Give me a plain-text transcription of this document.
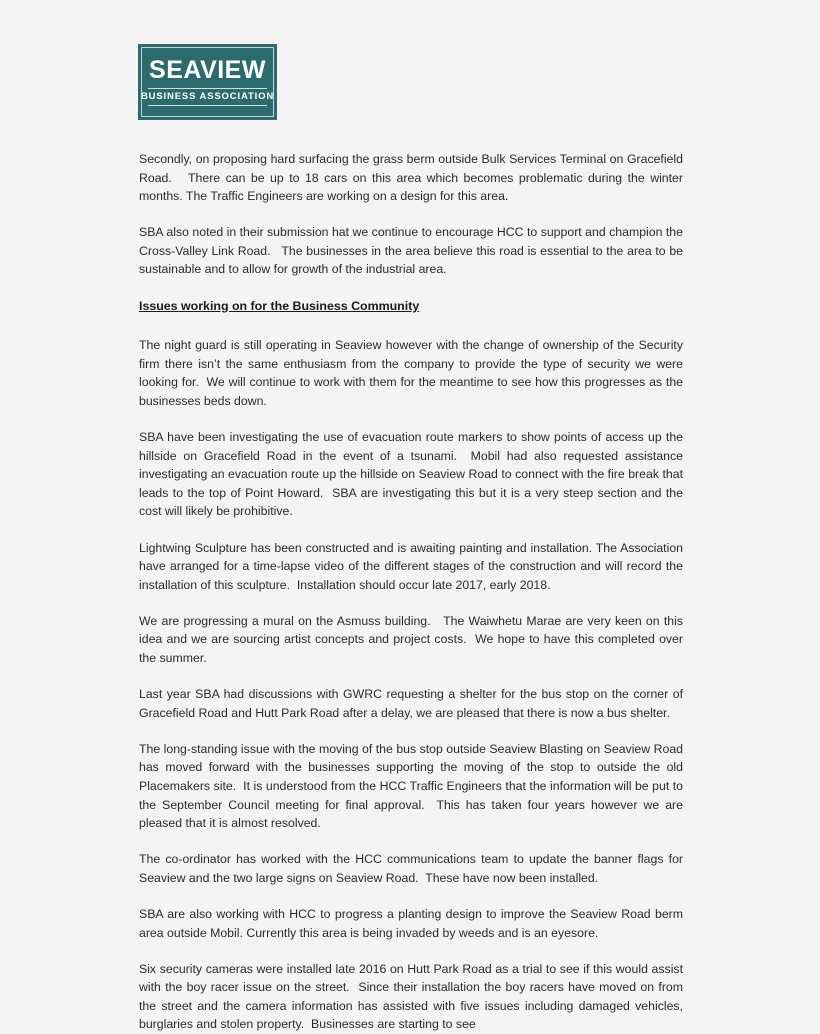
SEAVIEW
BUSINESS ASSOCIATION

Secondly, on proposing hard surfacing the grass berm outside Bulk Services Terminal on Gracefield Road.   There can be up to 18 cars on this area which becomes problematic during the winter months. The Traffic Engineers are working on a design for this area.

SBA also noted in their submission hat we continue to encourage HCC to support and champion the Cross-Valley Link Road.   The businesses in the area believe this road is essential to the area to be sustainable and to allow for growth of the industrial area.

Issues working on for the Business Community

The night guard is still operating in Seaview however with the change of ownership of the Security firm there isn’t the same enthusiasm from the company to provide the type of security we were looking for.  We will continue to work with them for the meantime to see how this progresses as the businesses beds down.

SBA have been investigating the use of evacuation route markers to show points of access up the hillside on Gracefield Road in the event of a tsunami.  Mobil had also requested assistance investigating an evacuation route up the hillside on Seaview Road to connect with the fire break that leads to the top of Point Howard.  SBA are investigating this but it is a very steep section and the cost will likely be prohibitive.

Lightwing Sculpture has been constructed and is awaiting painting and installation. The Association have arranged for a time-lapse video of the different stages of the construction and will record the installation of this sculpture.  Installation should occur late 2017, early 2018.

We are progressing a mural on the Asmuss building.   The Waiwhetu Marae are very keen on this idea and we are sourcing artist concepts and project costs.  We hope to have this completed over the summer.

Last year SBA had discussions with GWRC requesting a shelter for the bus stop on the corner of Gracefield Road and Hutt Park Road after a delay, we are pleased that there is now a bus shelter.

The long-standing issue with the moving of the bus stop outside Seaview Blasting on Seaview Road has moved forward with the businesses supporting the moving of the stop to outside the old Placemakers site.  It is understood from the HCC Traffic Engineers that the information will be put to the September Council meeting for final approval.  This has taken four years however we are pleased that it is almost resolved.

The co-ordinator has worked with the HCC communications team to update the banner flags for Seaview and the two large signs on Seaview Road.  These have now been installed.

SBA are also working with HCC to progress a planting design to improve the Seaview Road berm area outside Mobil. Currently this area is being invaded by weeds and is an eyesore.

Six security cameras were installed late 2016 on Hutt Park Road as a trial to see if this would assist with the boy racer issue on the street.  Since their installation the boy racers have moved on from the street and the camera information has assisted with five issues including damaged vehicles, burglaries and stolen property.  Businesses are starting to see
